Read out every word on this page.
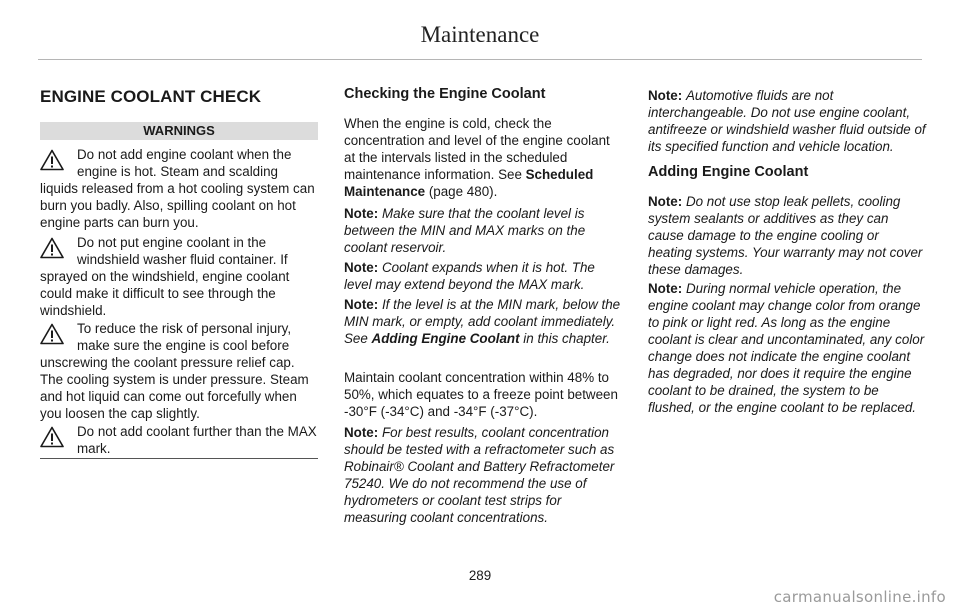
Maintenance
ENGINE COOLANT CHECK
WARNINGS
Do not add engine coolant when the engine is hot. Steam and scalding
liquids released from a hot cooling system can burn you badly. Also, spilling coolant on hot engine parts can burn you.
Do not put engine coolant in the windshield washer fluid container. If
sprayed on the windshield, engine coolant could make it difficult to see through the windshield.
To reduce the risk of personal injury, make sure the engine is cool before
unscrewing the coolant pressure relief cap. The cooling system is under pressure. Steam and hot liquid can come out forcefully when you loosen the cap slightly.
Do not add coolant further than the MAX mark.
Checking the Engine Coolant
When the engine is cold, check the concentration and level of the engine coolant at the intervals listed in the scheduled maintenance information. See Scheduled Maintenance (page 480).
Note: Make sure that the coolant level is between the MIN and MAX marks on the coolant reservoir.
Note: Coolant expands when it is hot. The level may extend beyond the MAX mark.
Note: If the level is at the MIN mark, below the MIN mark, or empty, add coolant immediately. See Adding Engine Coolant in this chapter.
Maintain coolant concentration within 48% to 50%, which equates to a freeze point between -30°F (-34°C) and -34°F (-37°C).
Note: For best results, coolant concentration should be tested with a refractometer such as Robinair® Coolant and Battery Refractometer 75240. We do not recommend the use of hydrometers or coolant test strips for measuring coolant concentrations.
Note: Automotive fluids are not interchangeable. Do not use engine coolant, antifreeze or windshield washer fluid outside of its specified function and vehicle location.
Adding Engine Coolant
Note: Do not use stop leak pellets, cooling system sealants or additives as they can cause damage to the engine cooling or heating systems. Your warranty may not cover these damages.
Note: During normal vehicle operation, the engine coolant may change color from orange to pink or light red. As long as the engine coolant is clear and uncontaminated, any color change does not indicate the engine coolant has degraded, nor does it require the engine coolant to be drained, the system to be flushed, or the engine coolant to be replaced.
289
carmanualsonline.info
